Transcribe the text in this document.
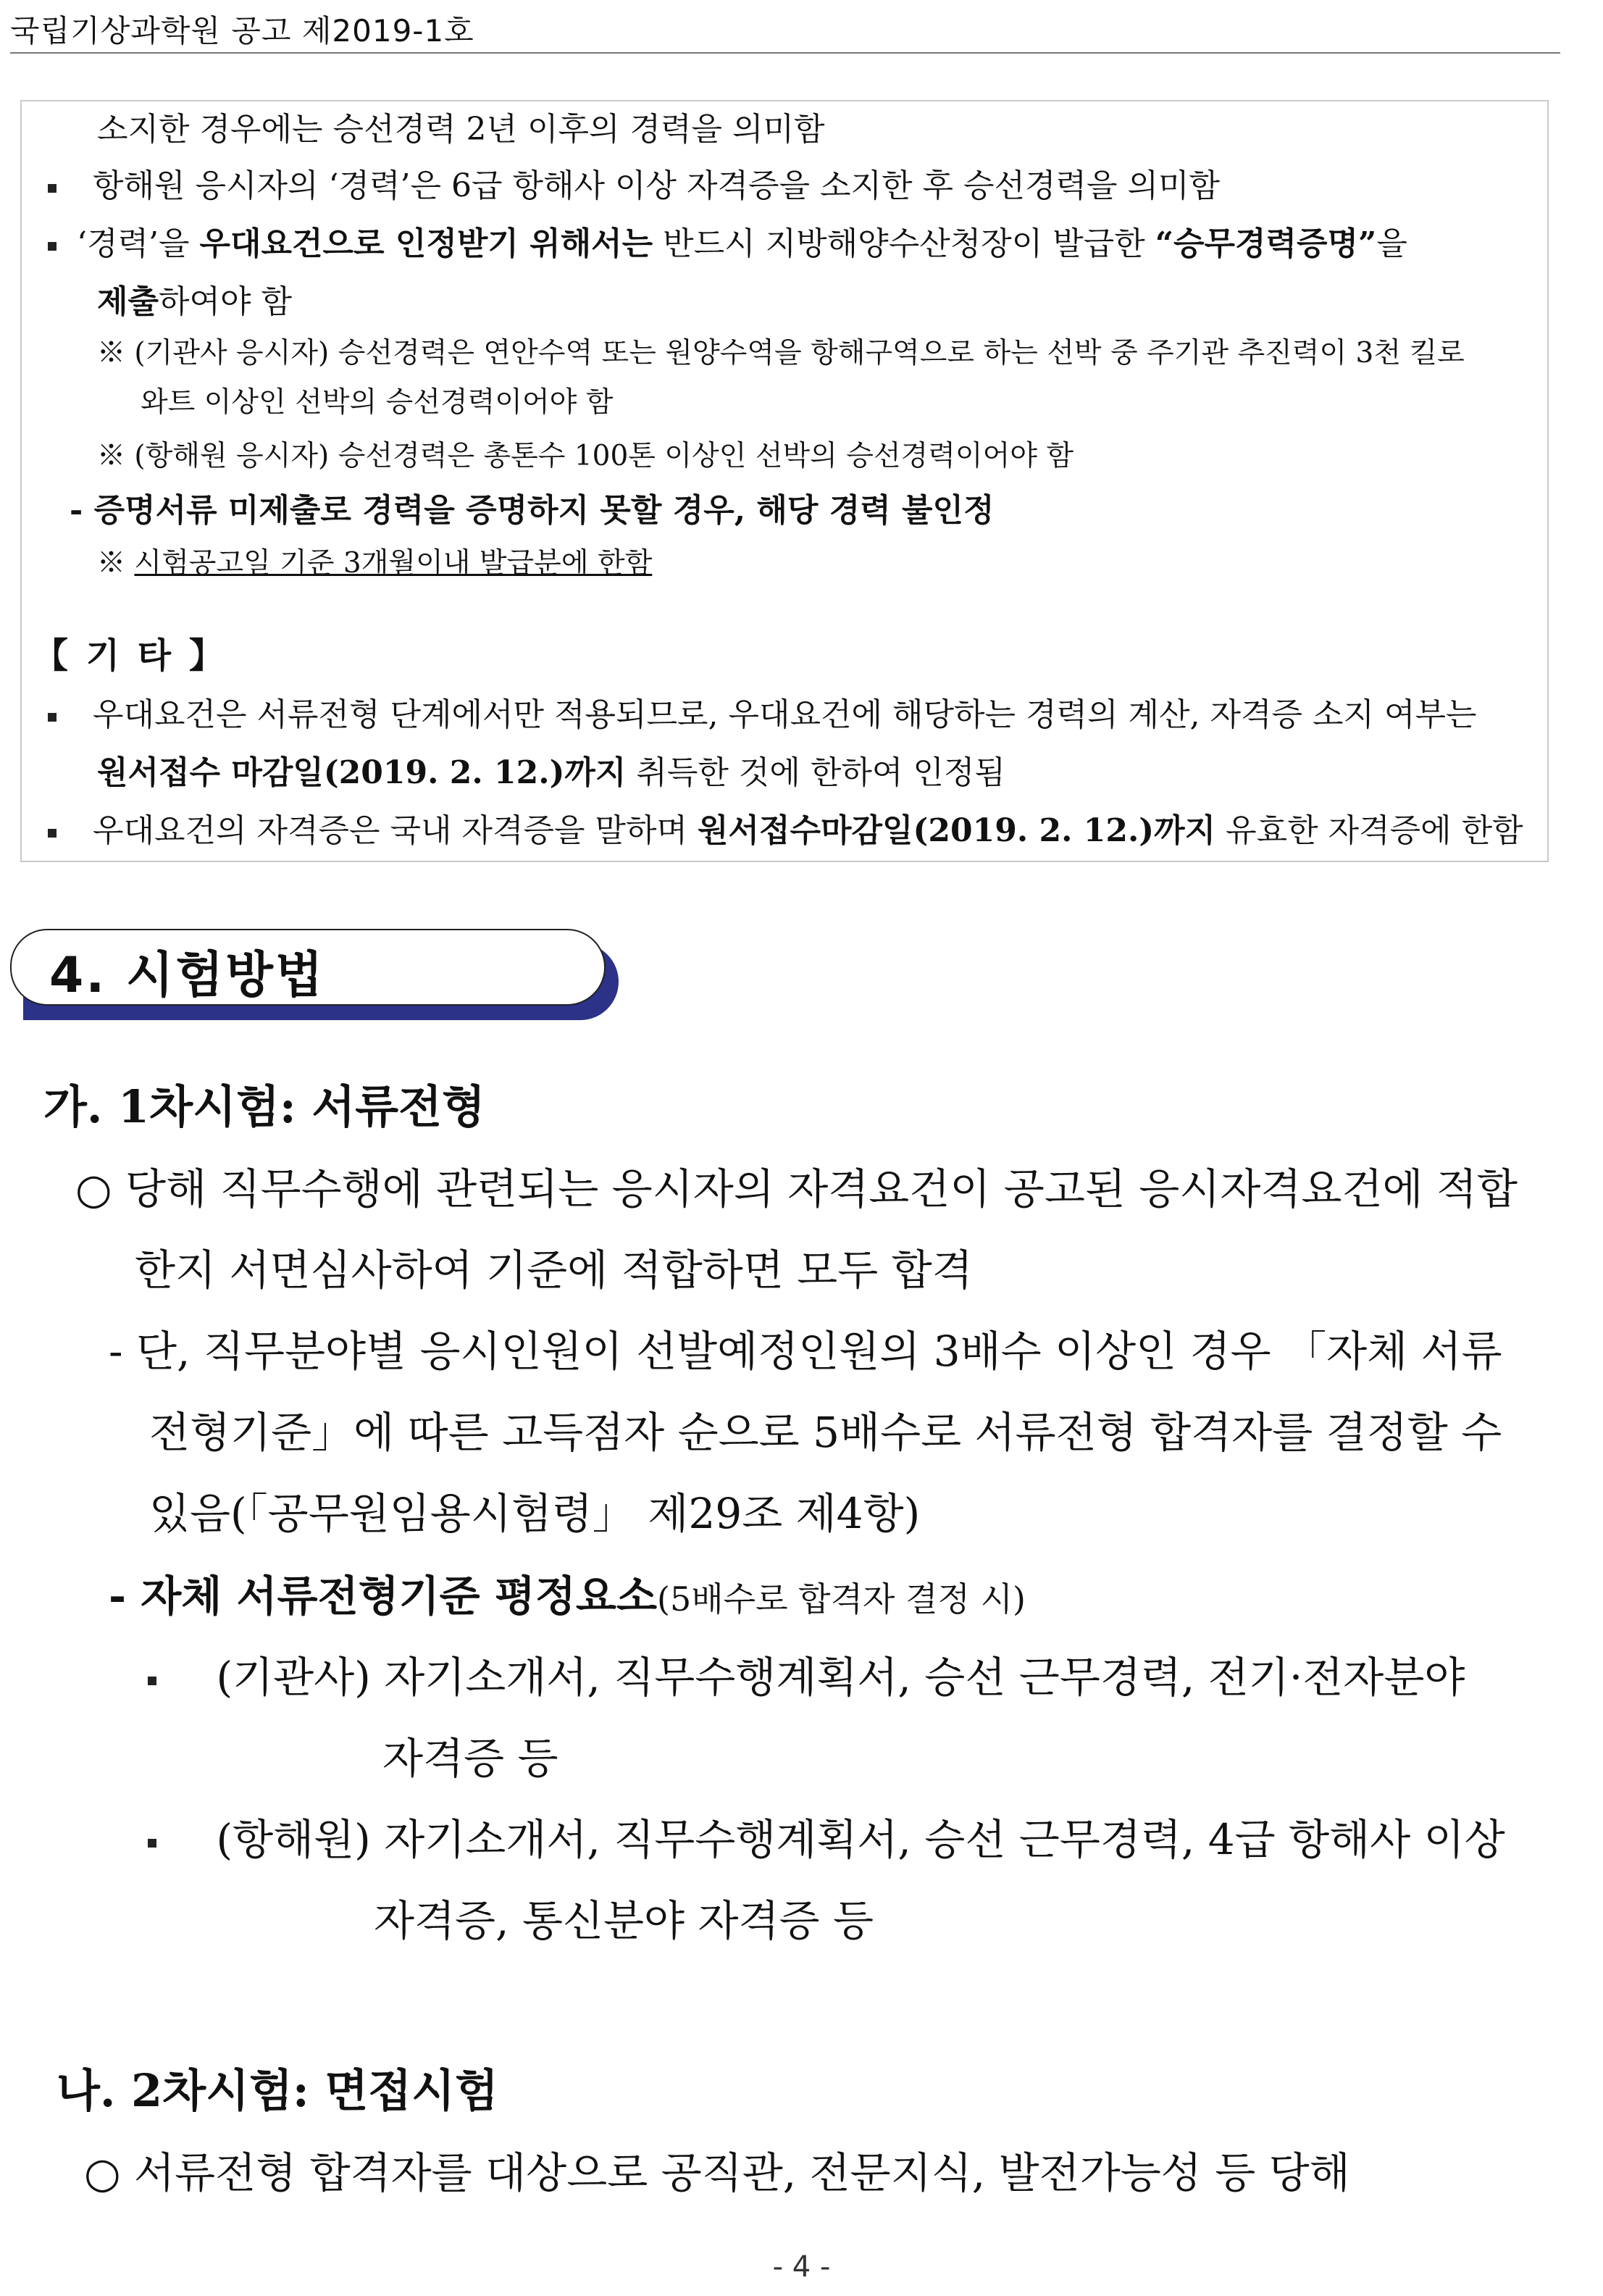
국립기상과학원 공고 제2019-1호
소지한 경우에는 승선경력 2년 이후의 경력을 의미함
항해원 응시자의 ‘경력’은 6급 항해사 이상 자격증을 소지한 후 승선경력을 의미함
‘경력’을 우대요건으로 인정받기 위해서는 반드시 지방해양수산청장이 발급한 “승무경력증명”을
제출하여야 함
※ (기관사 응시자) 승선경력은 연안수역 또는 원양수역을 항해구역으로 하는 선박 중 주기관 추진력이 3천 킬로
와트 이상인 선박의 승선경력이어야 함
※ (항해원 응시자) 승선경력은 총톤수 100톤 이상인 선박의 승선경력이어야 함
- 증명서류 미제출로 경력을 증명하지 못할 경우, 해당 경력 불인정
※ 시험공고일 기준 3개월이내 발급분에 한함
【 기 타 】
우대요건은 서류전형 단계에서만 적용되므로, 우대요건에 해당하는 경력의 계산, 자격증 소지 여부는
원서접수 마감일(2019. 2. 12.)까지 취득한 것에 한하여 인정됨
우대요건의 자격증은 국내 자격증을 말하며 원서접수마감일(2019. 2. 12.)까지 유효한 자격증에 한함
4. 시험방법
가. 1차시험: 서류전형
○ 당해 직무수행에 관련되는 응시자의 자격요건이 공고된 응시자격요건에 적합
한지 서면심사하여 기준에 적합하면 모두 합격
- 단, 직무분야별 응시인원이 선발예정인원의 3배수 이상인 경우 「자체 서류
전형기준」에 따른 고득점자 순으로 5배수로 서류전형 합격자를 결정할 수
있음(｢공무원임용시험령」 제29조 제4항)
- 자체 서류전형기준 평정요소(5배수로 합격자 결정 시)
(기관사) 자기소개서, 직무수행계획서, 승선 근무경력, 전기·전자분야
자격증 등
(항해원) 자기소개서, 직무수행계획서, 승선 근무경력, 4급 항해사 이상
자격증, 통신분야 자격증 등
나. 2차시험: 면접시험
○ 서류전형 합격자를 대상으로 공직관, 전문지식, 발전가능성 등 당해
- 4 -
